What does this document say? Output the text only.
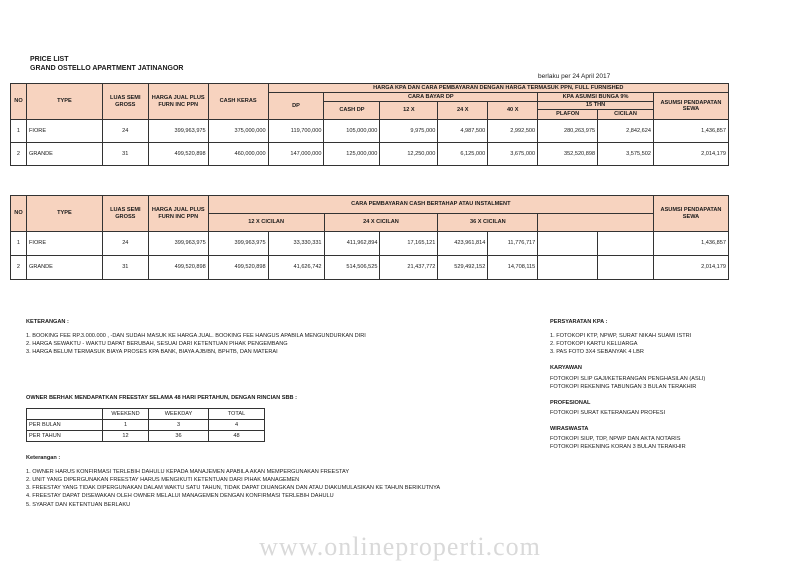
PRICE LIST
GRAND OSTELLO APARTMENT JATINANGOR
berlaku per 24 April 2017
NO	TYPE	LUAS SEMI GROSS	HARGA JUAL PLUS FURN INC PPN	CASH KERAS	HARGA KPA DAN CARA PEMBAYARAN DENGAN HARGA TERMASUK PPN, FULL FURNISHED							
					DP	CARA BAYAR DP				KPA ASUMSI BUNGA 9%		ASUMSI PENDAPATAN SEWA
						CASH DP	12 X	24 X	40 X	15 THN		
										PLAFON	CICILAN	
1	FIORE	24	399,963,975	375,000,000	119,700,000	105,000,000	9,975,000	4,987,500	2,992,500	280,263,975	2,842,624	1,436,857
2	GRANDE	31	499,520,898	460,000,000	147,000,000	125,000,000	12,250,000	6,125,000	3,675,000	352,520,898	3,575,502	2,014,179
NO	TYPE	LUAS SEMI GROSS	HARGA JUAL PLUS FURN INC PPN	CARA PEMBAYARAN CASH BERTAHAP ATAU INSTALMENT								ASUMSI PENDAPATAN SEWA
				12 X CICILAN		24 X CICILAN		36 X CICILAN				
1	FIORE	24	399,963,975	399,963,975	33,330,331	411,962,894	17,165,121	423,961,814	11,776,717			1,436,857
2	GRANDE	31	499,520,898	499,520,898	41,626,742	514,506,525	21,437,772	529,492,152	14,708,115			2,014,179
KETERANGAN :
1. BOOKING FEE RP.3.000.000 , -DAN SUDAH MASUK KE HARGA JUAL. BOOKING FEE HANGUS APABILA MENGUNDURKAN DIRI
2. HARGA SEWAKTU - WAKTU DAPAT BERUBAH, SESUAI DARI KETENTUAN PIHAK PENGEMBANG
3. HARGA BELUM TERMASUK BIAYA PROSES KPA BANK, BIAYA AJB/BN, BPHTB, DAN MATERAI
OWNER BERHAK MENDAPATKAN FREESTAY SELAMA 48 HARI PERTAHUN, DENGAN RINCIAN SBB :
	WEEKEND	WEEKDAY	TOTAL
PER BULAN	1	3	4
PER TAHUN	12	36	48
Keterangan :
1. OWNER HARUS KONFIRMASI TERLEBIH DAHULU KEPADA MANAJEMEN APABILA AKAN MEMPERGUNAKAN FREESTAY
2. UNIT YANG DIPERGUNAKAN FREESTAY HARUS MENGIKUTI KETENTUAN DARI PIHAK MANAGEMEN
3. FREESTAY YANG TIDAK DIPERGUNAKAN DALAM WAKTU SATU TAHUN, TIDAK DAPAT DIUANGKAN DAN ATAU DIAKUMULASIKAN KE TAHUN BERIKUTNYA
4. FREESTAY DAPAT DISEWAKAN OLEH OWNER MELALUI MANAGEMEN DENGAN KONFIRMASI TERLEBIH DAHULU
5. SYARAT DAN KETENTUAN BERLAKU
PERSYARATAN KPA :
1. FOTOKOPI KTP, NPWP, SURAT NIKAH SUAMI ISTRI
2. FOTOKOPI KARTU KELUARGA
3. PAS FOTO 3X4 SEBANYAK 4 LBR
KARYAWAN
FOTOKOPI SLIP GAJI/KETERANGAN PENGHASILAN (ASLI)
FOTOKOPI REKENING TABUNGAN 3 BULAN TERAKHIR
PROFESIONAL
FOTOKOPI SURAT KETERANGAN PROFESI
WIRASWASTA
FOTOKOPI SIUP, TDP, NPWP DAN AKTA NOTARIS
FOTOKOPI REKENING KORAN 3 BULAN TERAKHIR
www.onlineproperti.com
